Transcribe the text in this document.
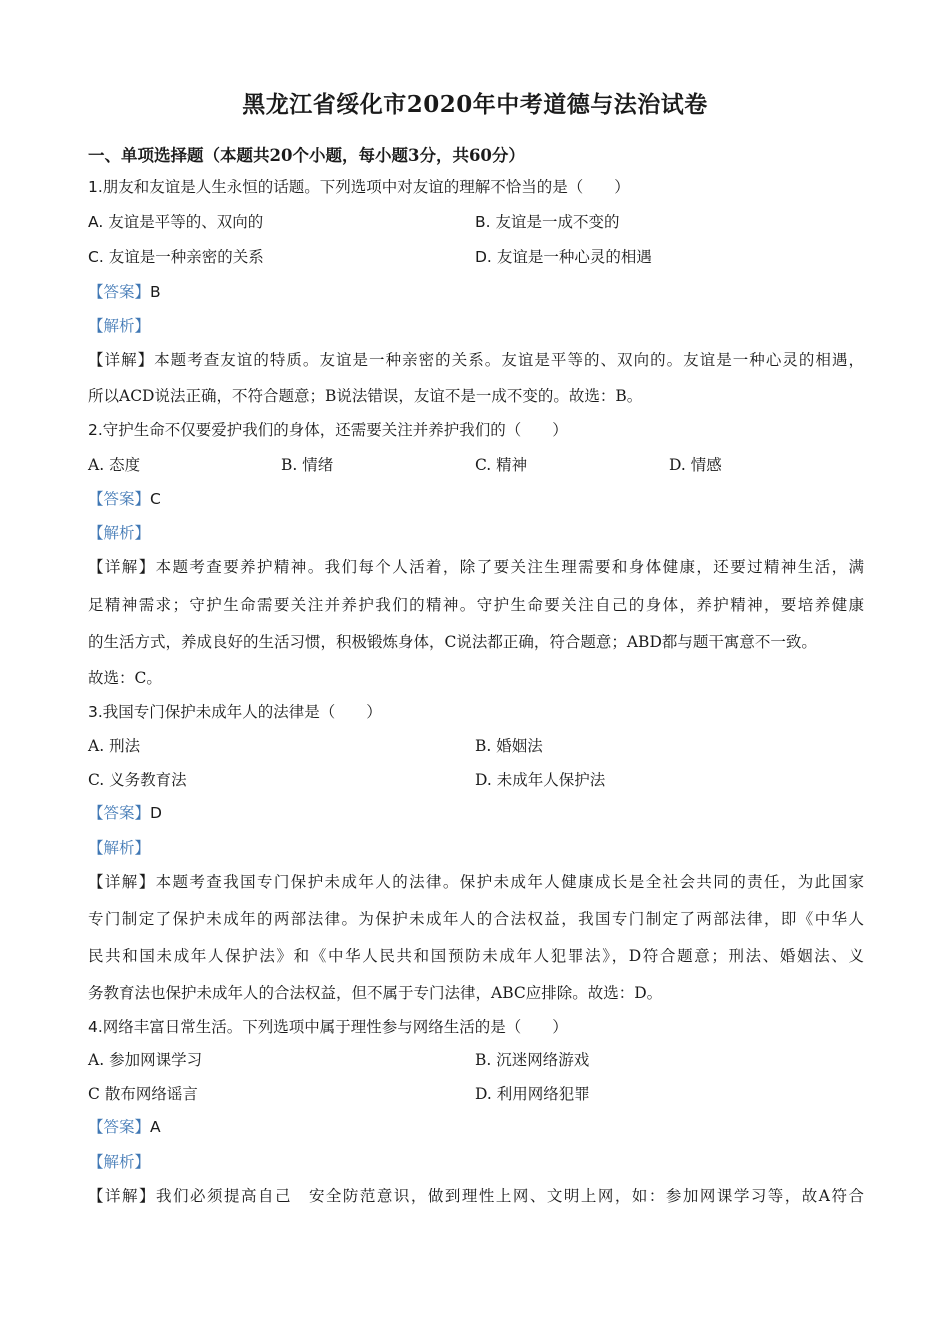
黑龙江省绥化市2020年中考道德与法治试卷
一、单项选择题（本题共20个小题，每小题3分，共60分）
1.朋友和友谊是人生永恒的话题。下列选项中对友谊的理解不恰当的是（　　）
A. 友谊是平等的、双向的	B. 友谊是一成不变的
C. 友谊是一种亲密的关系	D. 友谊是一种心灵的相遇
【答案】B
【解析】
【详解】本题考查友谊的特质。友谊是一种亲密的关系。友谊是平等的、双向的。友谊是一种心灵的相遇，
所以ACD说法正确，不符合题意；B说法错误，友谊不是一成不变的。故选：B。
2.守护生命不仅要爱护我们的身体，还需要关注并养护我们的（　　）
A. 态度	B. 情绪	C. 精神	D. 情感
【答案】C
【解析】
【详解】本题考查要养护精神。我们每个人活着，除了要关注生理需要和身体健康，还要过精神生活，满
足精神需求；守护生命需要关注并养护我们的精神。守护生命要关注自己的身体，养护精神，要培养健康
的生活方式，养成良好的生活习惯，积极锻炼身体，C说法都正确，符合题意；ABD都与题干寓意不一致。
故选：C。
3.我国专门保护未成年人的法律是（　　）
A. 刑法	B. 婚姻法
C. 义务教育法	D. 未成年人保护法
【答案】D
【解析】
【详解】本题考查我国专门保护未成年人的法律。保护未成年人健康成长是全社会共同的责任，为此国家
专门制定了保护未成年的两部法律。为保护未成年人的合法权益，我国专门制定了两部法律，即《中华人
民共和国未成年人保护法》和《中华人民共和国预防未成年人犯罪法》，D符合题意；刑法、婚姻法、义
务教育法也保护未成年人的合法权益，但不属于专门法律，ABC应排除。故选：D。
4.网络丰富日常生活。下列选项中属于理性参与网络生活的是（　　）
A. 参加网课学习	B. 沉迷网络游戏
C 散布网络谣言	D. 利用网络犯罪
【答案】A
【解析】
【详解】我们必须提高自己　安全防范意识，做到理性上网、文明上网，如：参加网课学习等，故A符合
